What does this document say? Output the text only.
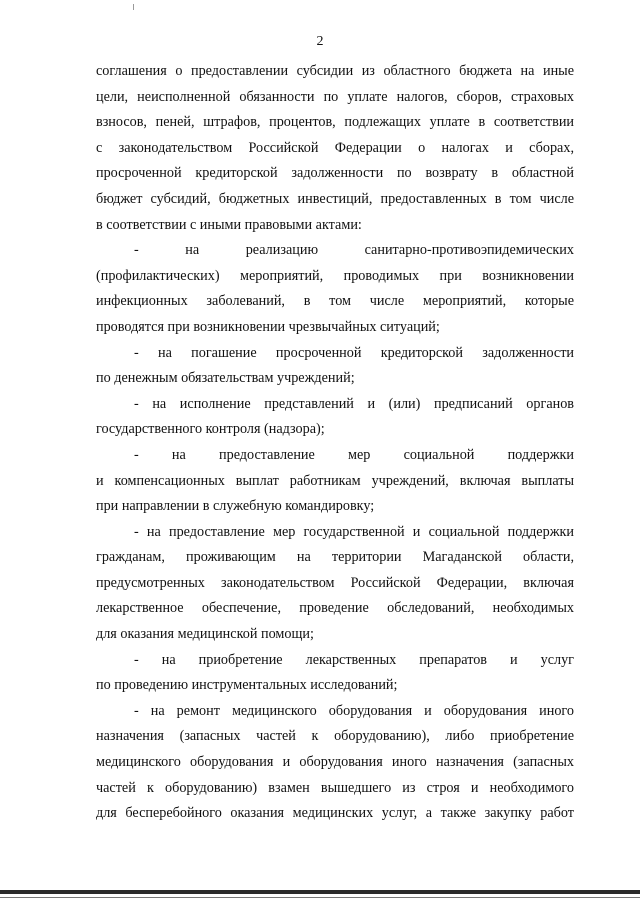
2
соглашения о предоставлении субсидии из областного бюджета на иные
цели, неисполненной обязанности по уплате налогов, сборов, страховых
взносов, пеней, штрафов, процентов, подлежащих уплате в соответствии
с законодательством Российской Федерации о налогах и сборах,
просроченной кредиторской задолженности по возврату в областной
бюджет субсидий, бюджетных инвестиций, предоставленных в том числе
в соответствии с иными правовыми актами:
- на реализацию санитарно-противоэпидемических
(профилактических) мероприятий, проводимых при возникновении
инфекционных заболеваний, в том числе мероприятий, которые
проводятся при возникновении чрезвычайных ситуаций;
- на погашение просроченной кредиторской задолженности
по денежным обязательствам учреждений;
- на исполнение представлений и (или) предписаний органов
государственного контроля (надзора);
- на предоставление мер социальной поддержки
и компенсационных выплат работникам учреждений, включая выплаты
при направлении в служебную командировку;
- на предоставление мер государственной и социальной поддержки
гражданам, проживающим на территории Магаданской области,
предусмотренных законодательством Российской Федерации, включая
лекарственное обеспечение, проведение обследований, необходимых
для оказания медицинской помощи;
- на приобретение лекарственных препаратов и услуг
по проведению инструментальных исследований;
- на ремонт медицинского оборудования и оборудования иного
назначения (запасных частей к оборудованию), либо приобретение
медицинского оборудования и оборудования иного назначения (запасных
частей к оборудованию) взамен вышедшего из строя и необходимого
для бесперебойного оказания медицинских услуг, а также закупку работ
